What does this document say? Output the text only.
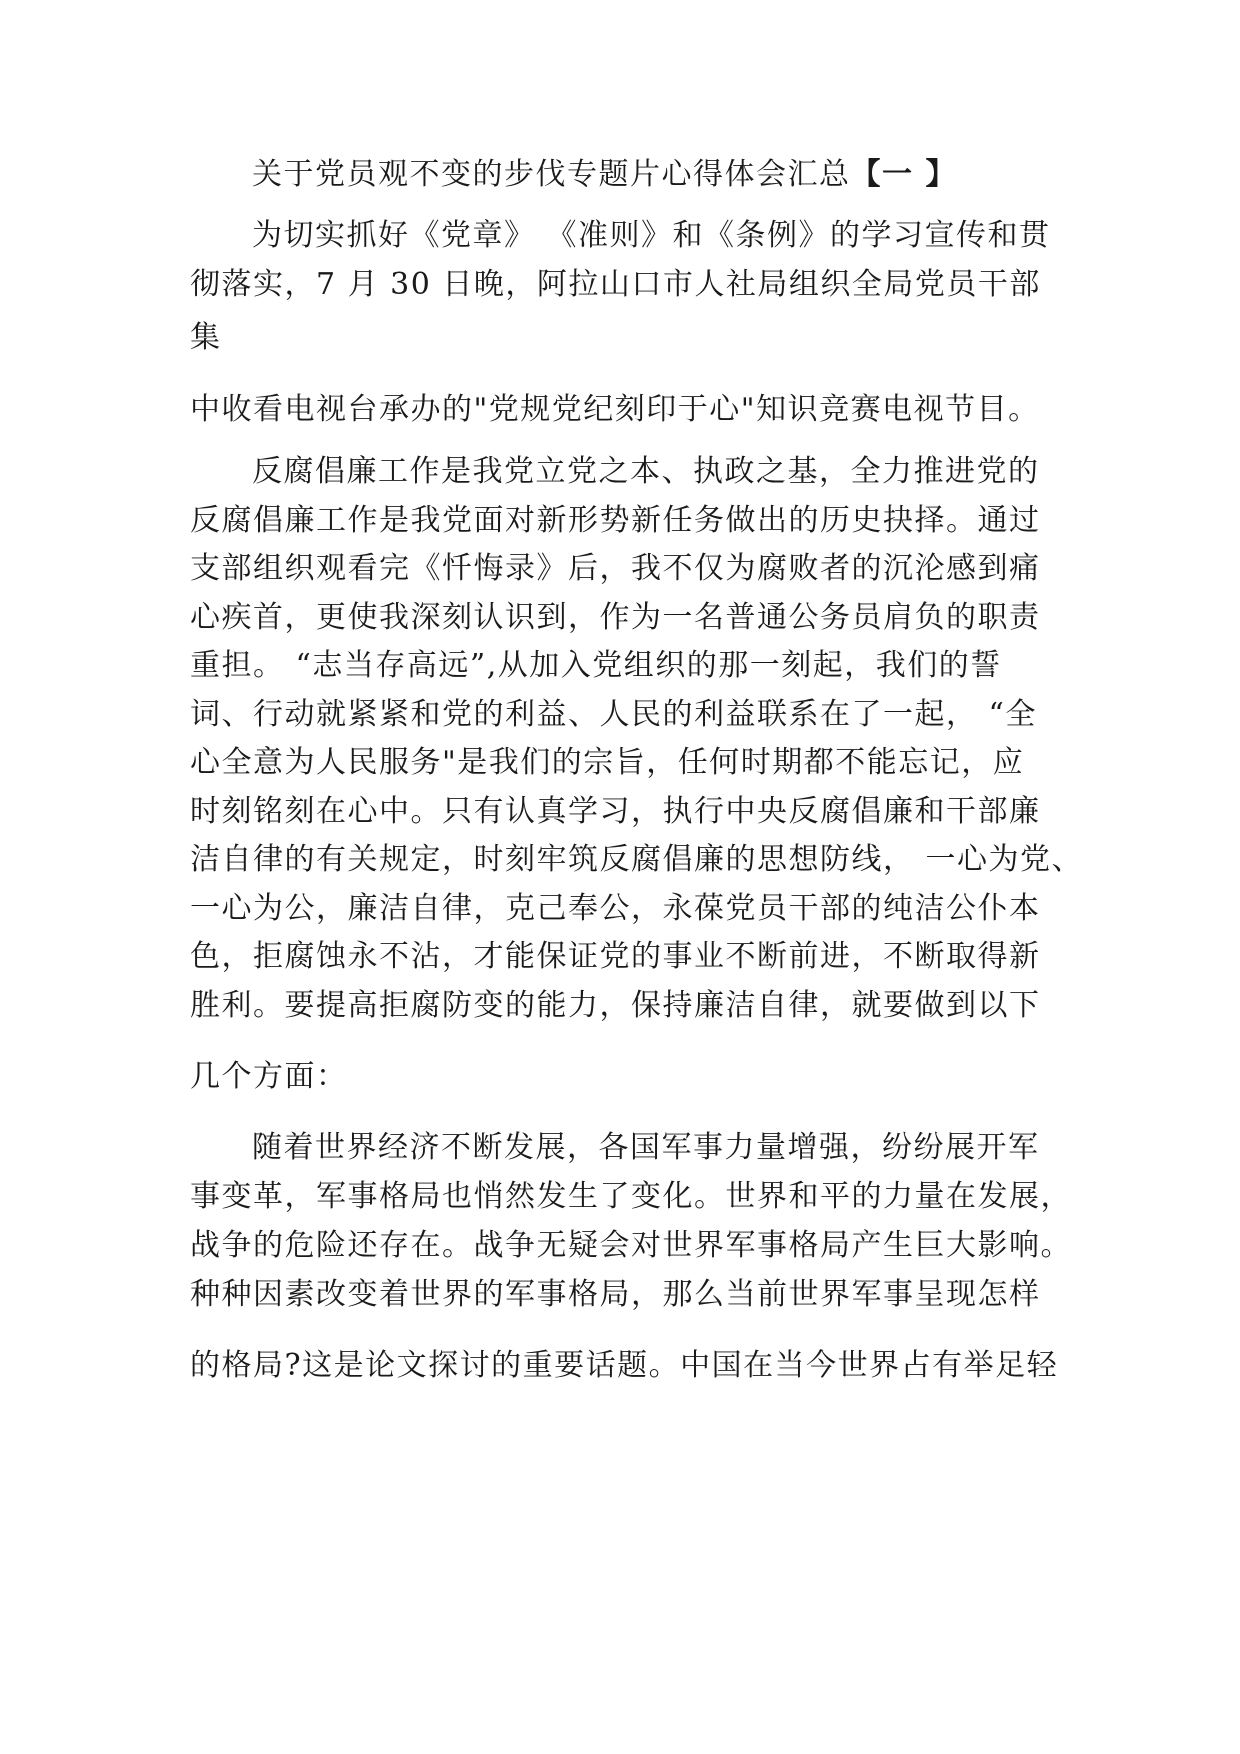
关于党员观不变的步伐专题片心得体会汇总【一 】
为切实抓好《党章》 《准则》和《条例》的学习宣传和贯
彻落实，7 月 30 日晚，阿拉山口市人社局组织全局党员干部
集
中收看电视台承办的"党规党纪刻印于心"知识竞赛电视节目。
反腐倡廉工作是我党立党之本、执政之基，全力推进党的
反腐倡廉工作是我党面对新形势新任务做出的历史抉择。通过
支部组织观看完《忏悔录》后，我不仅为腐败者的沉沦感到痛
心疾首，更使我深刻认识到，作为一名普通公务员肩负的职责
重担。 “志当存高远”,从加入党组织的那一刻起，我们的誓
词、行动就紧紧和党的利益、人民的利益联系在了一起， “全
心全意为人民服务"是我们的宗旨，任何时期都不能忘记，应
时刻铭刻在心中。只有认真学习，执行中央反腐倡廉和干部廉
洁自律的有关规定，时刻牢筑反腐倡廉的思想防线， 一心为党、
一心为公，廉洁自律，克己奉公，永葆党员干部的纯洁公仆本
色，拒腐蚀永不沾，才能保证党的事业不断前进，不断取得新
胜利。要提高拒腐防变的能力，保持廉洁自律，就要做到以下
几个方面：
随着世界经济不断发展，各国军事力量增强，纷纷展开军
事变革，军事格局也悄然发生了变化。世界和平的力量在发展，
战争的危险还存在。战争无疑会对世界军事格局产生巨大影响。
种种因素改变着世界的军事格局，那么当前世界军事呈现怎样
的格局?这是论文探讨的重要话题。中国在当今世界占有举足轻
